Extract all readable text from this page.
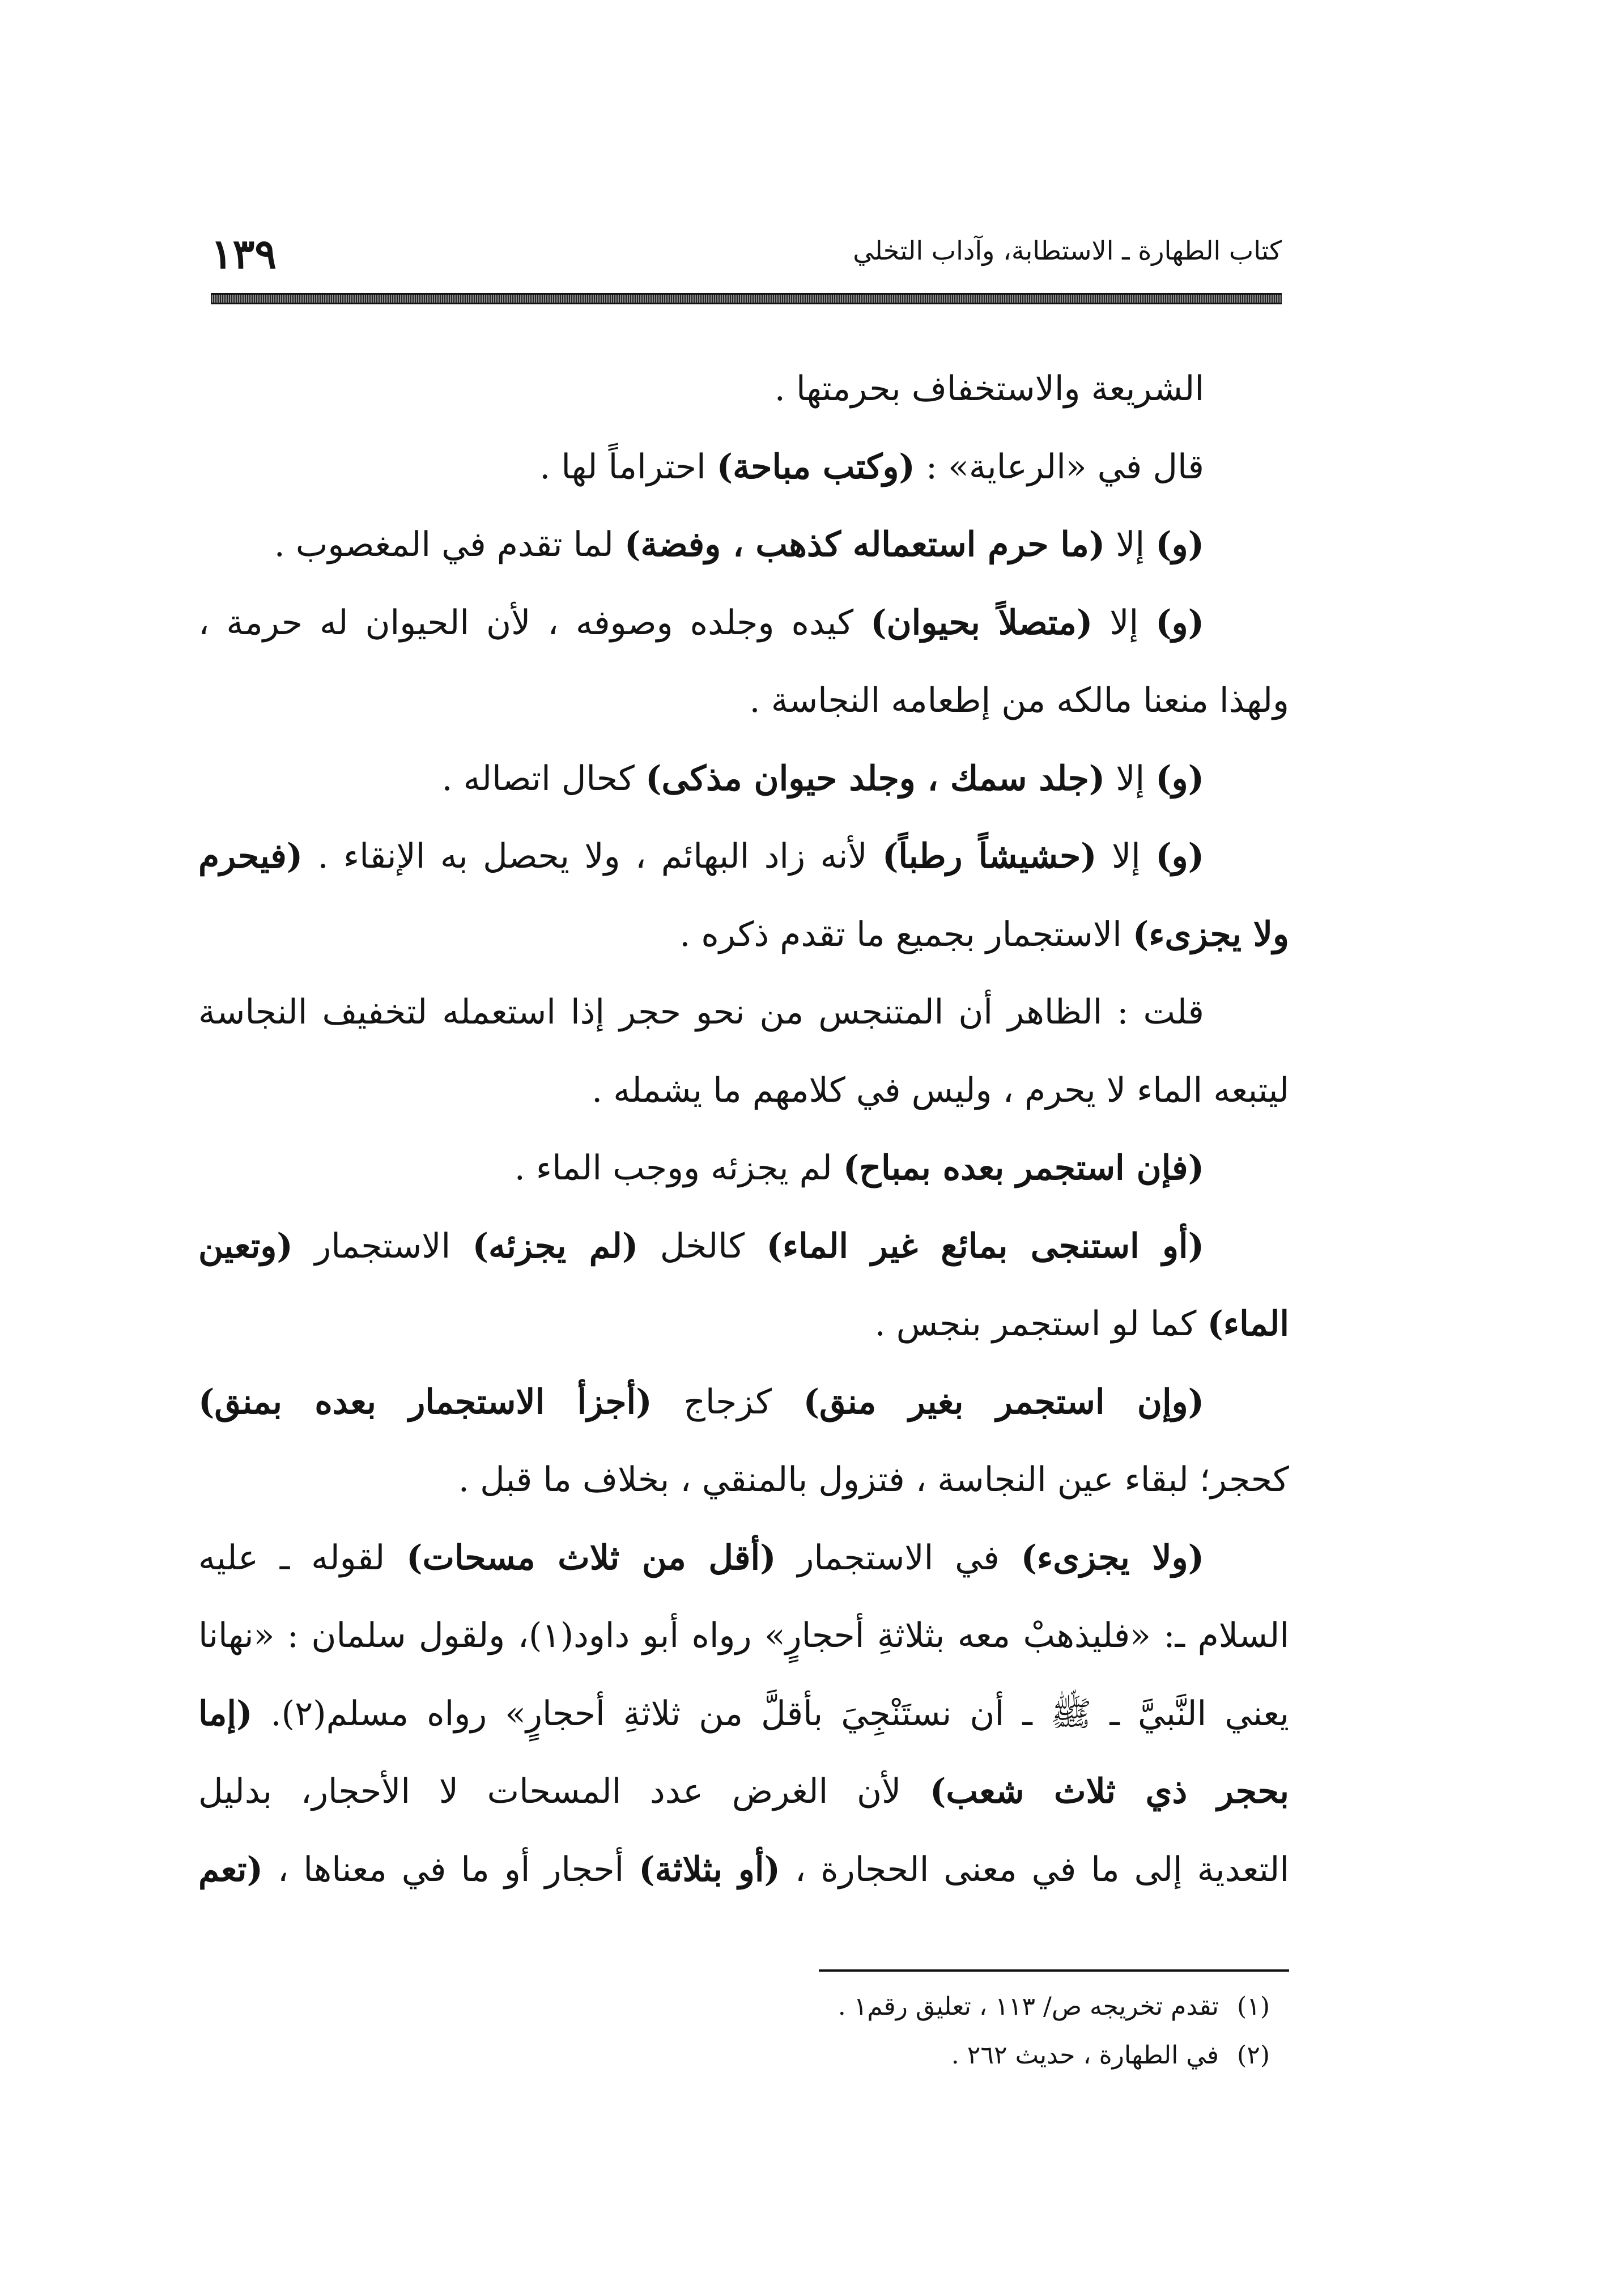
كتاب الطهارة ـ الاستطابة، وآداب التخلي
١٣٩
الشريعة والاستخفاف بحرمتها .
قال في «الرعاية» : (وكتب مباحة) احتراماً لها .
(و) إلا (ما حرم استعماله كذهب ، وفضة) لما تقدم في المغصوب .
(و) إلا (متصلاً بحيوان) كيده وجلده وصوفه ، لأن الحيوان له حرمة ،
ولهذا منعنا مالكه من إطعامه النجاسة .
(و) إلا (جلد سمك ، وجلد حيوان مذكى) كحال اتصاله .
(و) إلا (حشيشاً رطباً) لأنه زاد البهائم ، ولا يحصل به الإنقاء . (فيحرم
ولا يجزىء) الاستجمار بجميع ما تقدم ذكره .
قلت : الظاهر أن المتنجس من نحو حجر إذا استعمله لتخفيف النجاسة
ليتبعه الماء لا يحرم ، وليس في كلامهم ما يشمله .
(فإن استجمر بعده بمباح) لم يجزئه ووجب الماء .
(أو استنجى بمائع غير الماء) كالخل (لم يجزئه) الاستجمار (وتعين
الماء) كما لو استجمر بنجس .
(وإن استجمر بغير منق) كزجاج (أجزأ الاستجمار بعده بمنق)
كحجر؛ لبقاء عين النجاسة ، فتزول بالمنقي ، بخلاف ما قبل .
(ولا يجزىء) في الاستجمار (أقل من ثلاث مسحات) لقوله ـ عليه
السلام ـ: «فليذهبْ معه بثلاثةِ أحجارٍ» رواه أبو داود(١)، ولقول سلمان : «نهانا
يعني النَّبيَّ ـ ﷺ ـ أن نستَنْجِيَ بأقلَّ من ثلاثةِ أحجارٍ» رواه مسلم(٢). (إما
بحجر ذي ثلاث شعب) لأن الغرض عدد المسحات لا الأحجار، بدليل
التعدية إلى ما في معنى الحجارة ، (أو بثلاثة) أحجار أو ما في معناها ، (تعم
(١)تقدم تخريجه ص/ ١١٣ ، تعليق رقم١ .
(٢)في الطهارة ، حديث ٢٦٢ .
